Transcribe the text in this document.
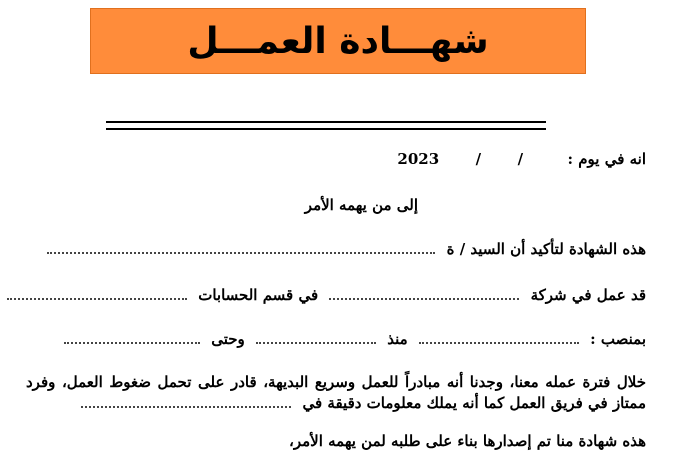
شهـــادة العمـــل
انه في يوم :  /  /  2023
إلى من يهمه الأمر
هذه الشهادة لتأكيد أن السيد / ة
قد عمل في شركة  في قسم الحسابات
بمنصب :  منذ  وحتى
خلال فترة عمله معنا، وجدنا أنه مبادراً للعمل وسريع البديهة، قادر على تحمل ضغوط العمل، وفرد ممتاز في فريق العمل كما أنه يملك معلومات دقيقة في
هذه شهادة منا تم إصدارها بناء على طلبه لمن يهمه الأمر،
